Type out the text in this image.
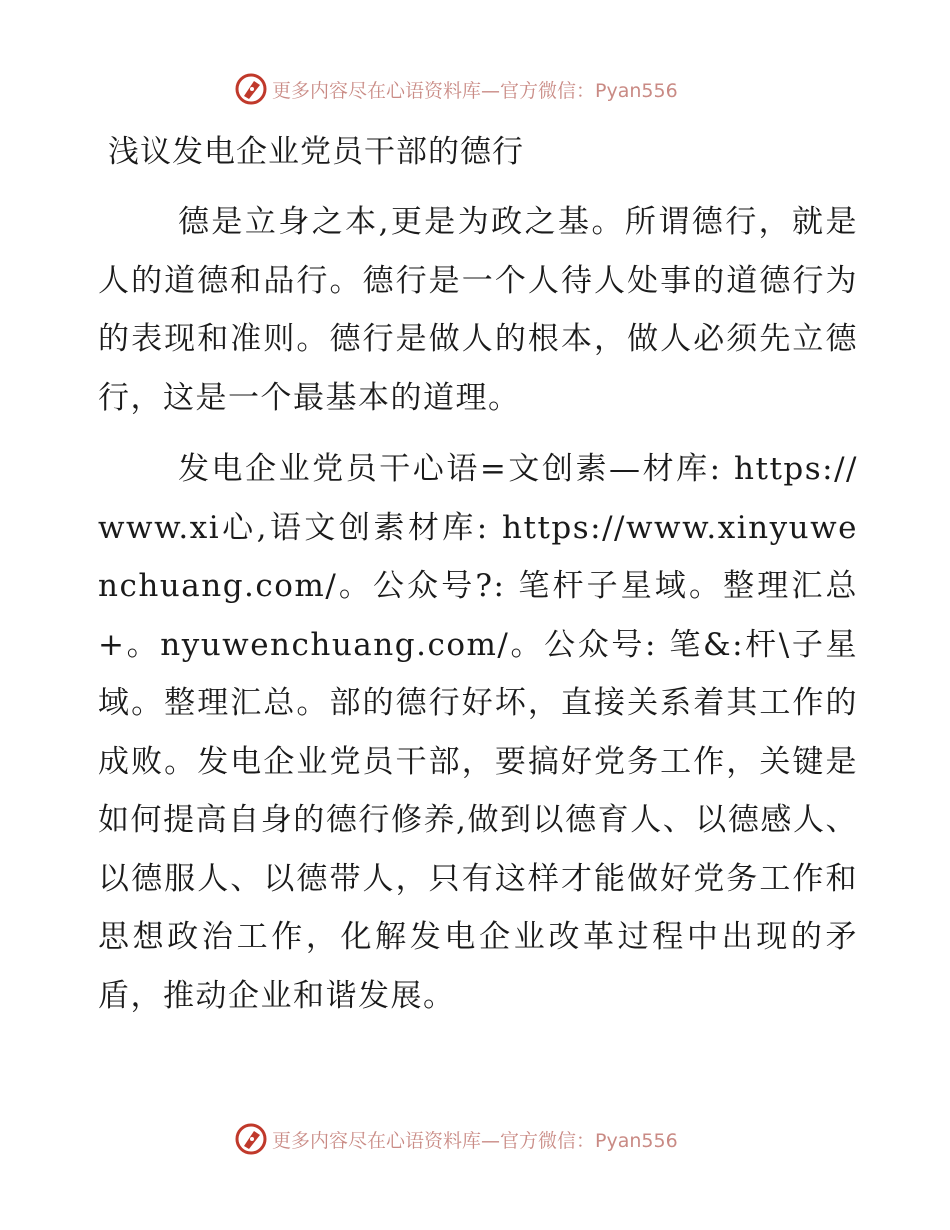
更多内容尽在心语资料库—官方微信：Pyan556
浅议发电企业党员干部的德行

德是立身之本,更是为政之基。所谓德行，就是人的道德和品行。德行是一个人待人处事的道德行为的表现和准则。德行是做人的根本，做人必须先立德行，这是一个最基本的道理。

发电企业党员干心语=文创素—材库: https://www.xi心,语文创素材库: https://www.xinyuwenchuang.com/。公众号?: 笔杆子星域。整理汇总+。nyuwenchuang.com/。公众号: 笔&:杆\子星域。整理汇总。部的德行好坏，直接关系着其工作的成败。发电企业党员干部，要搞好党务工作，关键是如何提高自身的德行修养,做到以德育人、以德感人、以德服人、以德带人，只有这样才能做好党务工作和思想政治工作，化解发电企业改革过程中出现的矛盾，推动企业和谐发展。

更多内容尽在心语资料库—官方微信：Pyan556
